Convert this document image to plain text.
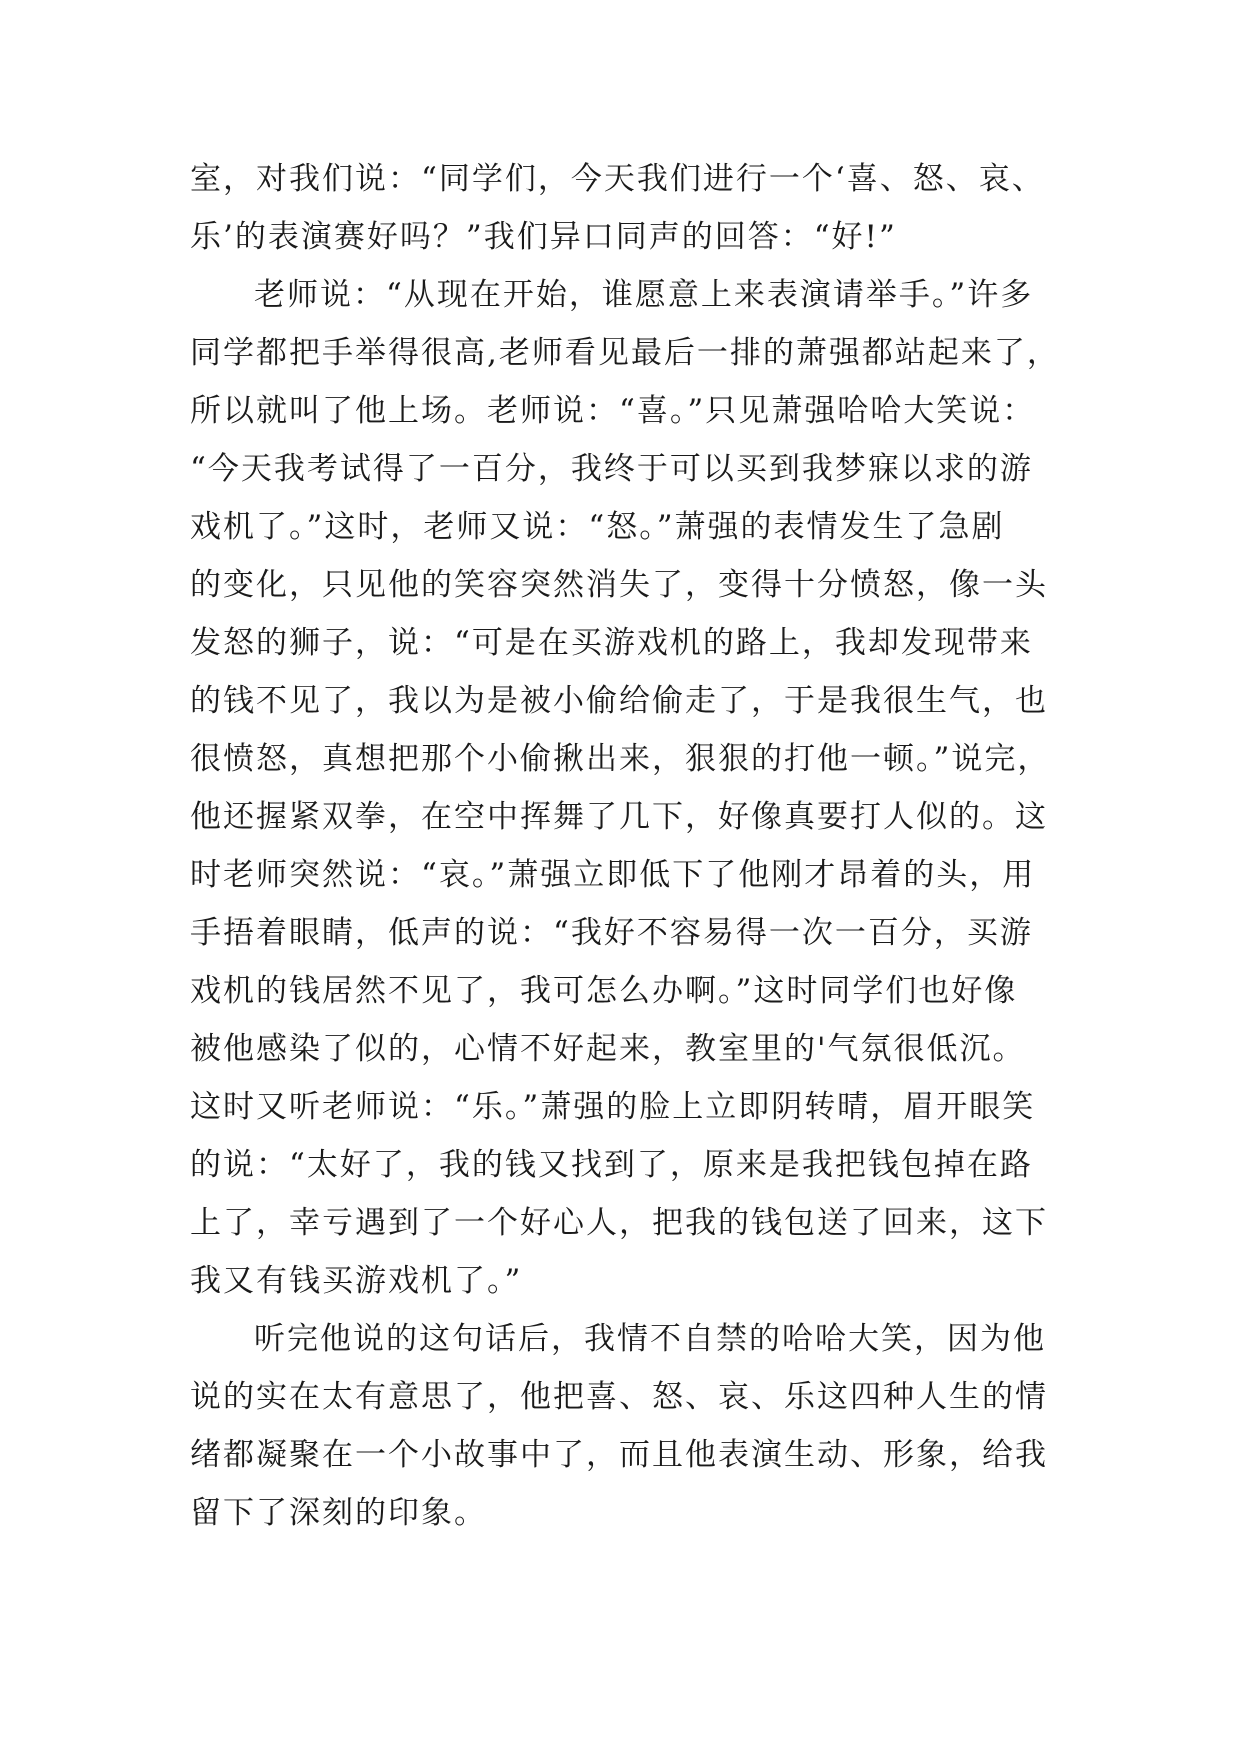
室，对我们说：“同学们，今天我们进行一个‘喜、怒、哀、
乐’的表演赛好吗？”我们异口同声的回答：“好!”
老师说：“从现在开始，谁愿意上来表演请举手。”许多
同学都把手举得很高,老师看见最后一排的萧强都站起来了，
所以就叫了他上场。老师说：“喜。”只见萧强哈哈大笑说：
“今天我考试得了一百分，我终于可以买到我梦寐以求的游
戏机了。”这时，老师又说：“怒。”萧强的表情发生了急剧
的变化，只见他的笑容突然消失了，变得十分愤怒，像一头
发怒的狮子，说：“可是在买游戏机的路上，我却发现带来
的钱不见了，我以为是被小偷给偷走了，于是我很生气，也
很愤怒，真想把那个小偷揪出来，狠狠的打他一顿。”说完，
他还握紧双拳，在空中挥舞了几下，好像真要打人似的。这
时老师突然说：“哀。”萧强立即低下了他刚才昂着的头，用
手捂着眼睛，低声的说：“我好不容易得一次一百分，买游
戏机的钱居然不见了，我可怎么办啊。”这时同学们也好像
被他感染了似的，心情不好起来，教室里的'气氛很低沉。
这时又听老师说：“乐。”萧强的脸上立即阴转晴，眉开眼笑
的说：“太好了，我的钱又找到了，原来是我把钱包掉在路
上了，幸亏遇到了一个好心人，把我的钱包送了回来，这下
我又有钱买游戏机了。”
听完他说的这句话后，我情不自禁的哈哈大笑，因为他
说的实在太有意思了，他把喜、怒、哀、乐这四种人生的情
绪都凝聚在一个小故事中了，而且他表演生动、形象，给我
留下了深刻的印象。
